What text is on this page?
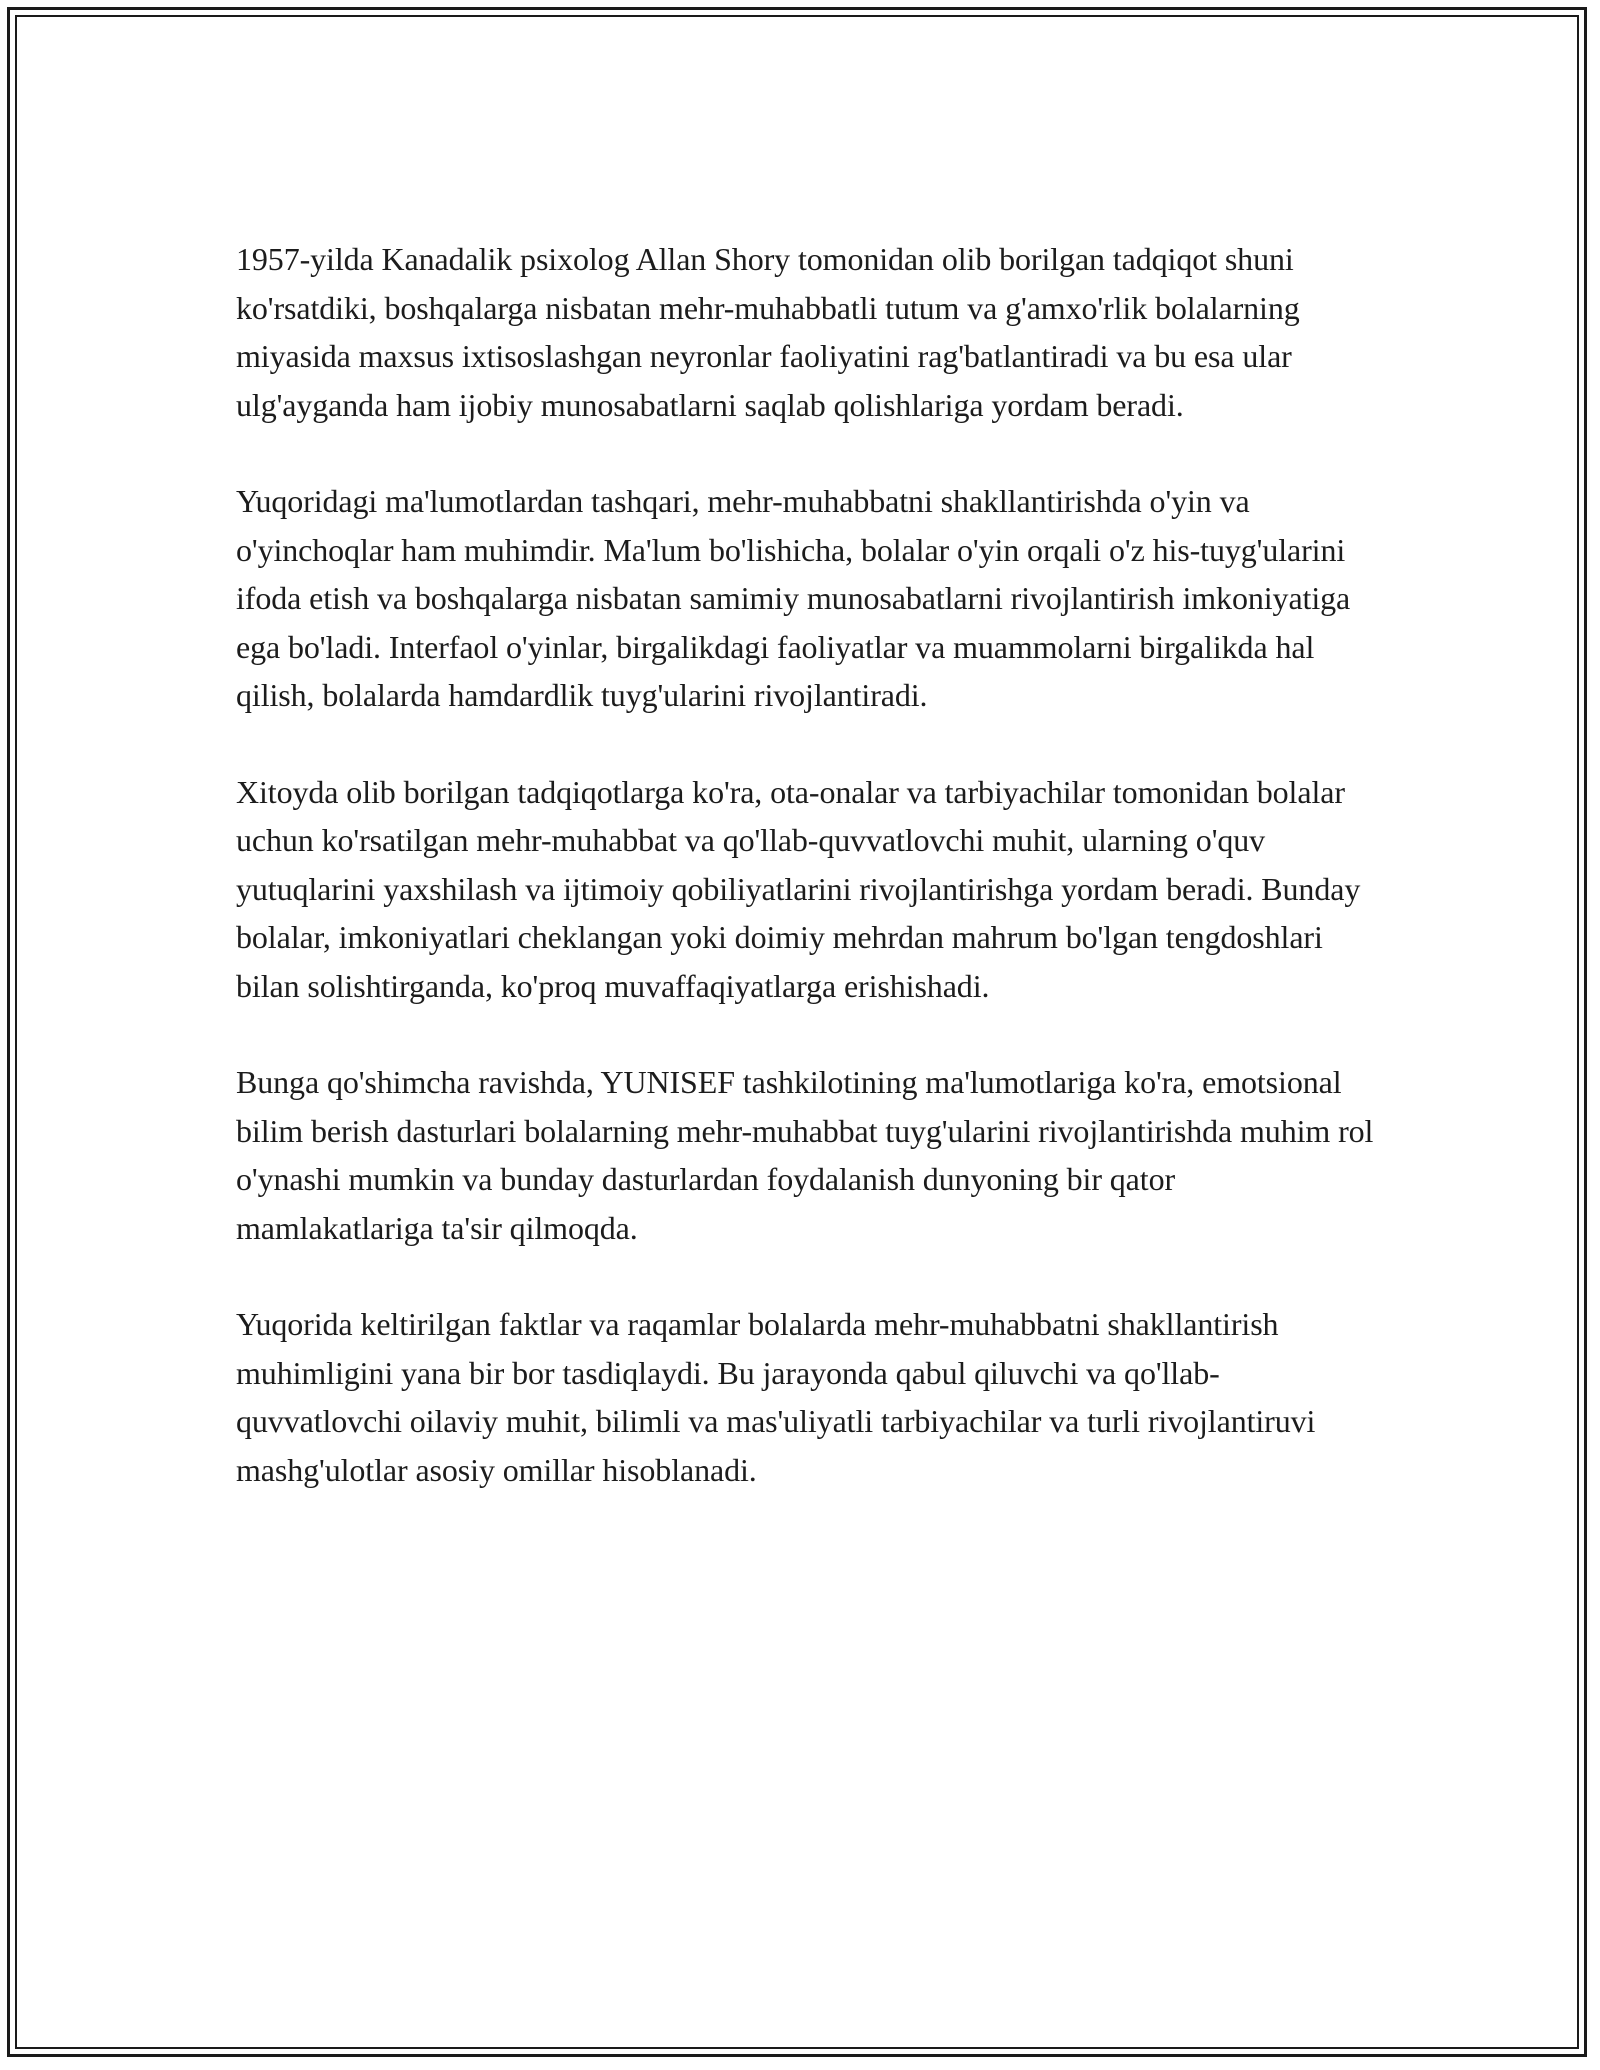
1957-yilda Kanadalik psixolog Allan Shory tomonidan olib borilgan tadqiqot shuni ko'rsatdiki, boshqalarga nisbatan mehr-muhabbatli tutum va g'amxo'rlik bolalarning miyasida maxsus ixtisoslashgan neyronlar faoliyatini rag'batlantiradi va bu esa ular ulg'ayganda ham ijobiy munosabatlarni saqlab qolishlariga yordam beradi.

Yuqoridagi ma'lumotlardan tashqari, mehr-muhabbatni shakllantirishda o'yin va o'yinchoqlar ham muhimdir. Ma'lum bo'lishicha, bolalar o'yin orqali o'z his-tuyg'ularini ifoda etish va boshqalarga nisbatan samimiy munosabatlarni rivojlantirish imkoniyatiga ega bo'ladi. Interfaol o'yinlar, birgalikdagi faoliyatlar va muammolarni birgalikda hal qilish, bolalarda hamdardlik tuyg'ularini rivojlantiradi.

Xitoyda olib borilgan tadqiqotlarga ko'ra, ota-onalar va tarbiyachilar tomonidan bolalar uchun ko'rsatilgan mehr-muhabbat va qo'llab-quvvatlovchi muhit, ularning o'quv yutuqlarini yaxshilash va ijtimoiy qobiliyatlarini rivojlantirishga yordam beradi. Bunday bolalar, imkoniyatlari cheklangan yoki doimiy mehrdan mahrum bo'lgan tengdoshlari bilan solishtirganda, ko'proq muvaffaqiyatlarga erishishadi.

Bunga qo'shimcha ravishda, YUNISEF tashkilotining ma'lumotlariga ko'ra, emotsional bilim berish dasturlari bolalarning mehr-muhabbat tuyg'ularini rivojlantirishda muhim rol o'ynashi mumkin va bunday dasturlardan foydalanish dunyoning bir qator mamlakatlariga ta'sir qilmoqda.

Yuqorida keltirilgan faktlar va raqamlar bolalarda mehr-muhabbatni shakllantirish muhimligini yana bir bor tasdiqlaydi. Bu jarayonda qabul qiluvchi va qo'llab-quvvatlovchi oilaviy muhit, bilimli va mas'uliyatli tarbiyachilar va turli rivojlantiruvi mashg'ulotlar asosiy omillar hisoblanadi.
